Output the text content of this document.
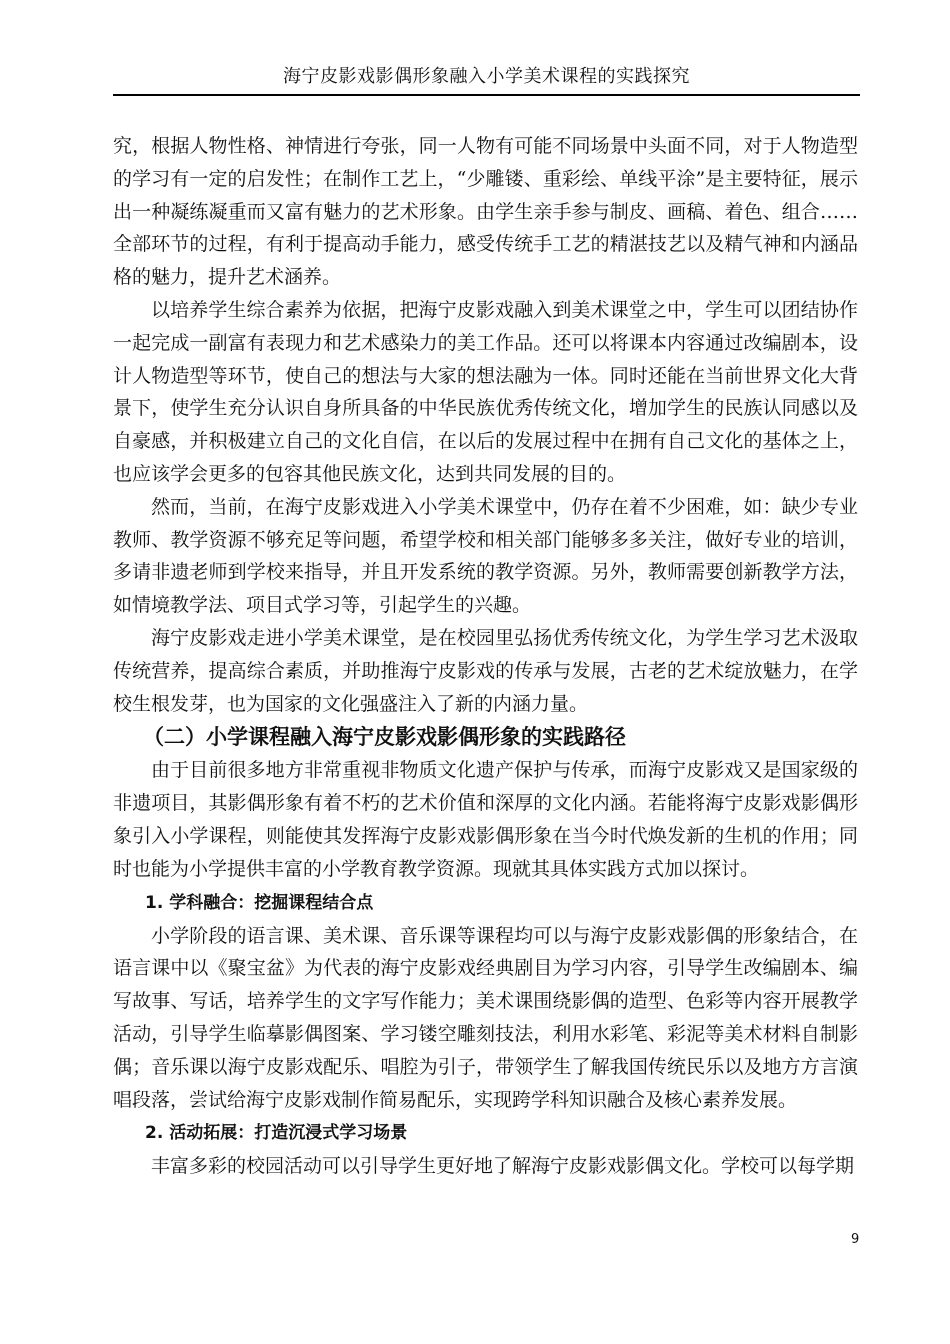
海宁皮影戏影偶形象融入小学美术课程的实践探究

究，根据人物性格、神情进行夸张，同一人物有可能不同场景中头面不同，对于人物造型的学习有一定的启发性；在制作工艺上，“少雕镂、重彩绘、单线平涂”是主要特征，展示出一种凝练凝重而又富有魅力的艺术形象。由学生亲手参与制皮、画稿、着色、组合……全部环节的过程，有利于提高动手能力，感受传统手工艺的精湛技艺以及精气神和内涵品格的魅力，提升艺术涵养。

以培养学生综合素养为依据，把海宁皮影戏融入到美术课堂之中，学生可以团结协作一起完成一副富有表现力和艺术感染力的美工作品。还可以将课本内容通过改编剧本，设计人物造型等环节，使自己的想法与大家的想法融为一体。同时还能在当前世界文化大背景下，使学生充分认识自身所具备的中华民族优秀传统文化，增加学生的民族认同感以及自豪感，并积极建立自己的文化自信，在以后的发展过程中在拥有自己文化的基体之上，也应该学会更多的包容其他民族文化，达到共同发展的目的。

然而，当前，在海宁皮影戏进入小学美术课堂中，仍存在着不少困难，如：缺少专业教师、教学资源不够充足等问题，希望学校和相关部门能够多多关注，做好专业的培训，多请非遗老师到学校来指导，并且开发系统的教学资源。另外，教师需要创新教学方法，如情境教学法、项目式学习等，引起学生的兴趣。

海宁皮影戏走进小学美术课堂，是在校园里弘扬优秀传统文化，为学生学习艺术汲取传统营养，提高综合素质，并助推海宁皮影戏的传承与发展，古老的艺术绽放魅力，在学校生根发芽，也为国家的文化强盛注入了新的内涵力量。

（二）小学课程融入海宁皮影戏影偶形象的实践路径

由于目前很多地方非常重视非物质文化遗产保护与传承，而海宁皮影戏又是国家级的非遗项目，其影偶形象有着不朽的艺术价值和深厚的文化内涵。若能将海宁皮影戏影偶形象引入小学课程，则能使其发挥海宁皮影戏影偶形象在当今时代焕发新的生机的作用；同时也能为小学提供丰富的小学教育教学资源。现就其具体实践方式加以探讨。

1. 学科融合：挖掘课程结合点

小学阶段的语言课、美术课、音乐课等课程均可以与海宁皮影戏影偶的形象结合，在语言课中以《聚宝盆》为代表的海宁皮影戏经典剧目为学习内容，引导学生改编剧本、编写故事、写话，培养学生的文字写作能力；美术课围绕影偶的造型、色彩等内容开展教学活动，引导学生临摹影偶图案、学习镂空雕刻技法，利用水彩笔、彩泥等美术材料自制影偶；音乐课以海宁皮影戏配乐、唱腔为引子，带领学生了解我国传统民乐以及地方方言演唱段落，尝试给海宁皮影戏制作简易配乐，实现跨学科知识融合及核心素养发展。

2. 活动拓展：打造沉浸式学习场景

丰富多彩的校园活动可以引导学生更好地了解海宁皮影戏影偶文化。学校可以每学期

9
